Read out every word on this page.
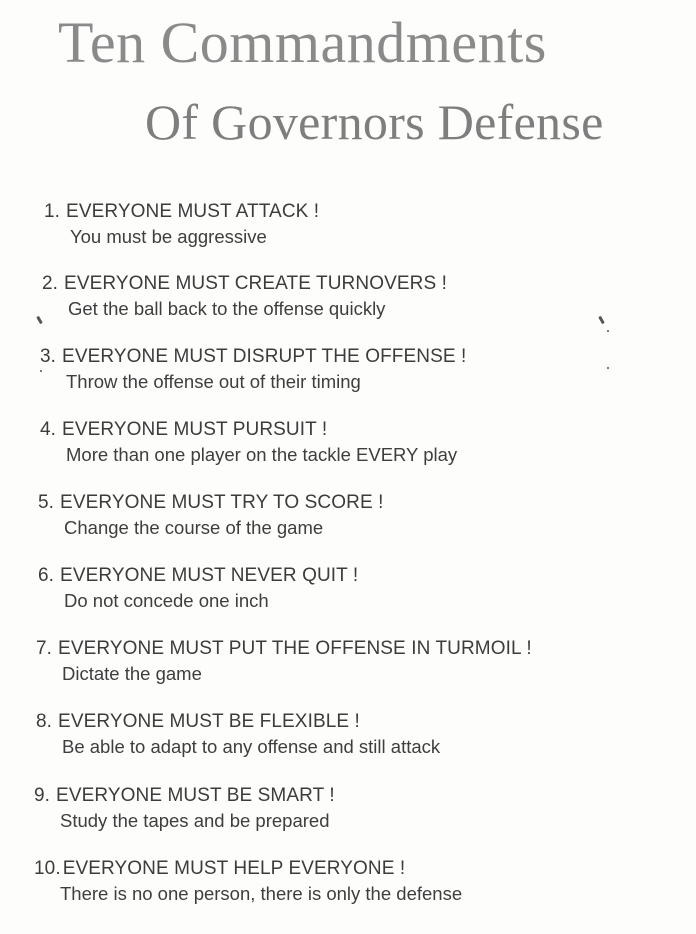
Ten Commandments
Of Governors Defense
1. EVERYONE MUST ATTACK !
You must be aggressive
2. EVERYONE MUST CREATE TURNOVERS !
Get the ball back to the offense quickly
3. EVERYONE MUST DISRUPT THE OFFENSE !
Throw the offense out of their timing
4. EVERYONE MUST PURSUIT !
More than one player on the tackle EVERY play
5. EVERYONE MUST TRY TO SCORE !
Change the course of the game
6. EVERYONE MUST NEVER QUIT !
Do not concede one inch
7. EVERYONE MUST PUT THE OFFENSE IN TURMOIL !
Dictate the game
8. EVERYONE MUST BE FLEXIBLE !
Be able to adapt to any offense and still attack
9. EVERYONE MUST BE SMART !
Study the tapes and be prepared
10. EVERYONE MUST HELP EVERYONE !
There is no one person, there is only the defense
